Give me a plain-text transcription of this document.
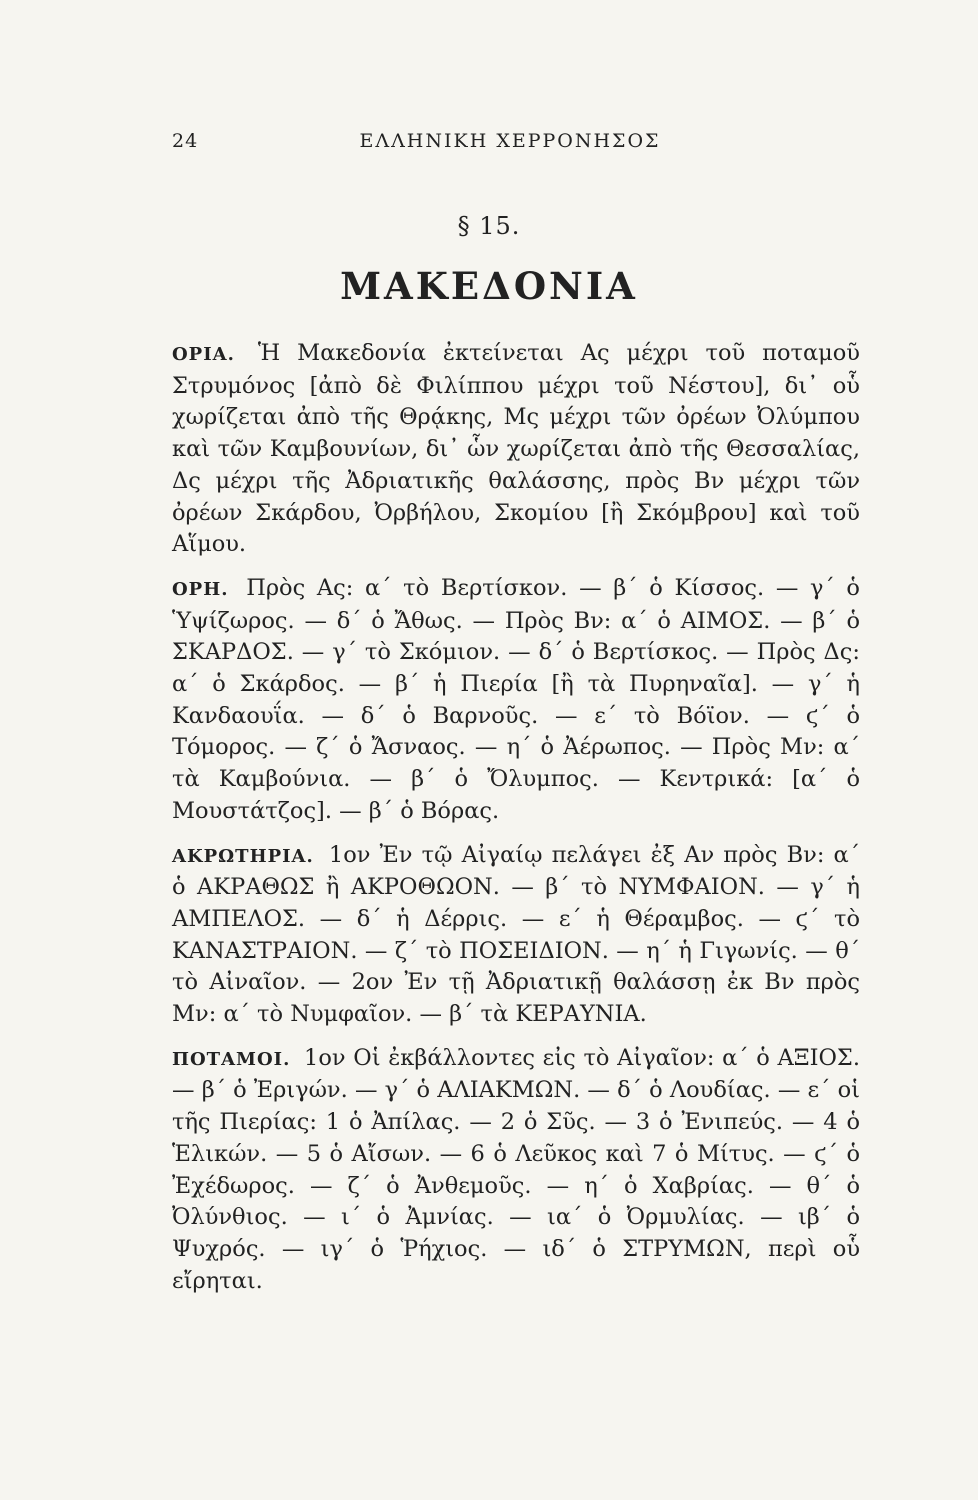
24	ΕΛΛΗΝΙΚΗ ΧΕΡΡΟΝΗΣΟΣ
§ 15.
ΜΑΚΕΔΟΝΙΑ

ΟΡΙΑ. Ἡ Μακεδονία ἐκτείνεται Ας μέχρι τοῦ ποταμοῦ Στρυμόνος [ἀπὸ δὲ Φιλίππου μέχρι τοῦ Νέστου], δι᾽ οὗ χωρίζεται ἀπὸ τῆς Θρᾴκης, Μς μέχρι τῶν ὀρέων Ὀλύμπου καὶ τῶν Καμβουνίων, δι᾽ ὧν χωρίζεται ἀπὸ τῆς Θεσσαλίας, Δς μέχρι τῆς Ἀδριατικῆς θαλάσσης, πρὸς Βν μέχρι τῶν ὀρέων Σκάρδου, Ὀρβήλου, Σκομίου [ἢ Σκόμβρου] καὶ τοῦ Αἵμου.

ΟΡΗ. Πρὸς Ας: α΄ τὸ Βερτίσκον. — β΄ ὁ Κίσσος. — γ΄ ὁ Ὑψίζωρος. — δ΄ ὁ Ἄθως. — Πρὸς Βν: α΄ ὁ ΑΙΜΟΣ. — β΄ ὁ ΣΚΑΡΔΟΣ. — γ΄ τὸ Σκόμιον. — δ΄ ὁ Βερτίσκος. — Πρὸς Δς: α΄ ὁ Σκάρδος. — β΄ ἡ Πιερία [ἢ τὰ Πυρηναῖα]. — γ΄ ἡ Κανδαουΐα. — δ΄ ὁ Βαρνοῦς. — ε΄ τὸ Βόϊον. — ϛ΄ ὁ Τόμορος. — ζ΄ ὁ Ἄσναος. — η΄ ὁ Ἀέρωπος. — Πρὸς Μν: α΄ τὰ Καμβούνια. — β΄ ὁ Ὄλυμπος. — Κεντρικά: [α΄ ὁ Μουστάτζος]. — β΄ ὁ Βόρας.

ΑΚΡΩΤΗΡΙΑ. 1ον Ἐν τῷ Αἰγαίῳ πελάγει ἐξ Αν πρὸς Βν: α΄ ὁ ΑΚΡΑΘΩΣ ἢ ΑΚΡΟΘΩΟΝ. — β΄ τὸ ΝΥΜΦΑΙΟΝ. — γ΄ ἡ ΑΜΠΕΛΟΣ. — δ΄ ἡ Δέρρις. — ε΄ ἡ Θέραμβος. — ϛ΄ τὸ ΚΑΝΑΣΤΡΑΙΟΝ. — ζ΄ τὸ ΠΟΣΕΙΔΙΟΝ. — η΄ ἡ Γιγωνίς. — θ΄ τὸ Αἰναῖον. — 2ον Ἐν τῇ Ἀδριατικῇ θαλάσσῃ ἐκ Βν πρὸς Μν: α΄ τὸ Νυμφαῖον. — β΄ τὰ ΚΕΡΑΥΝΙΑ.

ΠΟΤΑΜΟΙ. 1ον Οἱ ἐκβάλλοντες εἰς τὸ Αἰγαῖον: α΄ ὁ ΑΞΙΟΣ. — β΄ ὁ Ἐριγών. — γ΄ ὁ ΑΛΙΑΚΜΩΝ. — δ΄ ὁ Λουδίας. — ε΄ οἱ τῆς Πιερίας: 1 ὁ Ἀπίλας. — 2 ὁ Σῦς. — 3 ὁ Ἐνιπεύς. — 4 ὁ Ἑλικών. — 5 ὁ Αἴσων. — 6 ὁ Λεῦκος καὶ 7 ὁ Μίτυς. — ϛ΄ ὁ Ἐχέδωρος. — ζ΄ ὁ Ἀνθεμοῦς. — η΄ ὁ Χαβρίας. — θ΄ ὁ Ὀλύνθιος. — ι΄ ὁ Ἀμνίας. — ια΄ ὁ Ὀρμυλίας. — ιβ΄ ὁ Ψυχρός. — ιγ΄ ὁ Ῥήχιος. — ιδ΄ ὁ ΣΤΡΥΜΩΝ, περὶ οὗ εἴρηται.
